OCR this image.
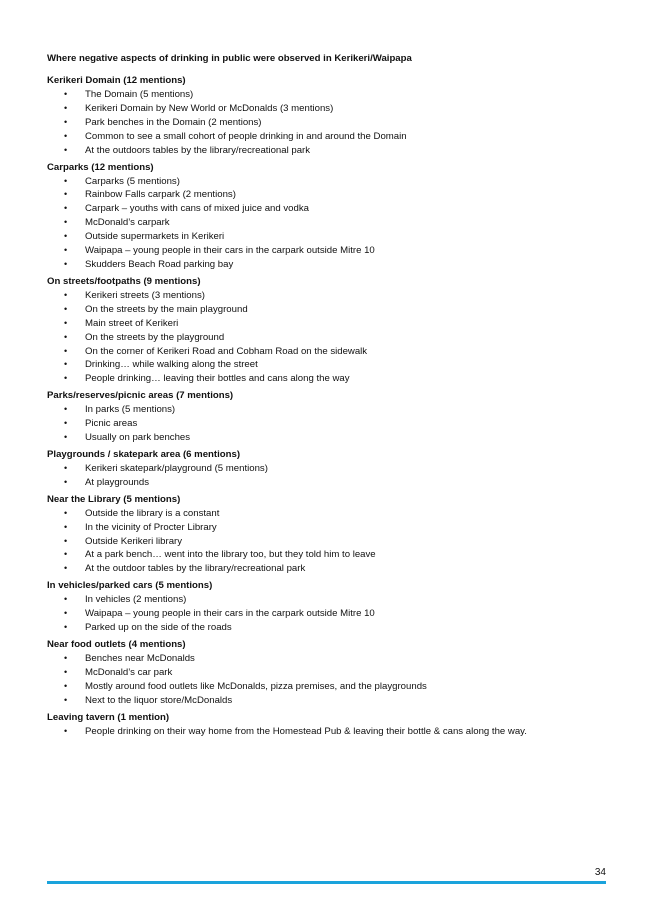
Where negative aspects of drinking in public were observed in Kerikeri/Waipapa
Kerikeri Domain (12 mentions)
• The Domain (5 mentions)
• Kerikeri Domain by New World or McDonalds (3 mentions)
• Park benches in the Domain (2 mentions)
• Common to see a small cohort of people drinking in and around the Domain
• At the outdoors tables by the library/recreational park
Carparks (12 mentions)
• Carparks (5 mentions)
• Rainbow Falls carpark (2 mentions)
• Carpark – youths with cans of mixed juice and vodka
• McDonald’s carpark
• Outside supermarkets in Kerikeri
• Waipapa – young people in their cars in the carpark outside Mitre 10
• Skudders Beach Road parking bay
On streets/footpaths (9 mentions)
• Kerikeri streets (3 mentions)
• On the streets by the main playground
• Main street of Kerikeri
• On the streets by the playground
• On the corner of Kerikeri Road and Cobham Road on the sidewalk
• Drinking… while walking along the street
• People drinking… leaving their bottles and cans along the way
Parks/reserves/picnic areas (7 mentions)
• In parks (5 mentions)
• Picnic areas
• Usually on park benches
Playgrounds / skatepark area (6 mentions)
• Kerikeri skatepark/playground (5 mentions)
• At playgrounds
Near the Library (5 mentions)
• Outside the library is a constant
• In the vicinity of Procter Library
• Outside Kerikeri library
• At a park bench… went into the library too, but they told him to leave
• At the outdoor tables by the library/recreational park
In vehicles/parked cars (5 mentions)
• In vehicles (2 mentions)
• Waipapa – young people in their cars in the carpark outside Mitre 10
• Parked up on the side of the roads
Near food outlets (4 mentions)
• Benches near McDonalds
• McDonald’s car park
• Mostly around food outlets like McDonalds, pizza premises, and the playgrounds
• Next to the liquor store/McDonalds
Leaving tavern (1 mention)
• People drinking on their way home from the Homestead Pub & leaving their bottle & cans along the way.
34
